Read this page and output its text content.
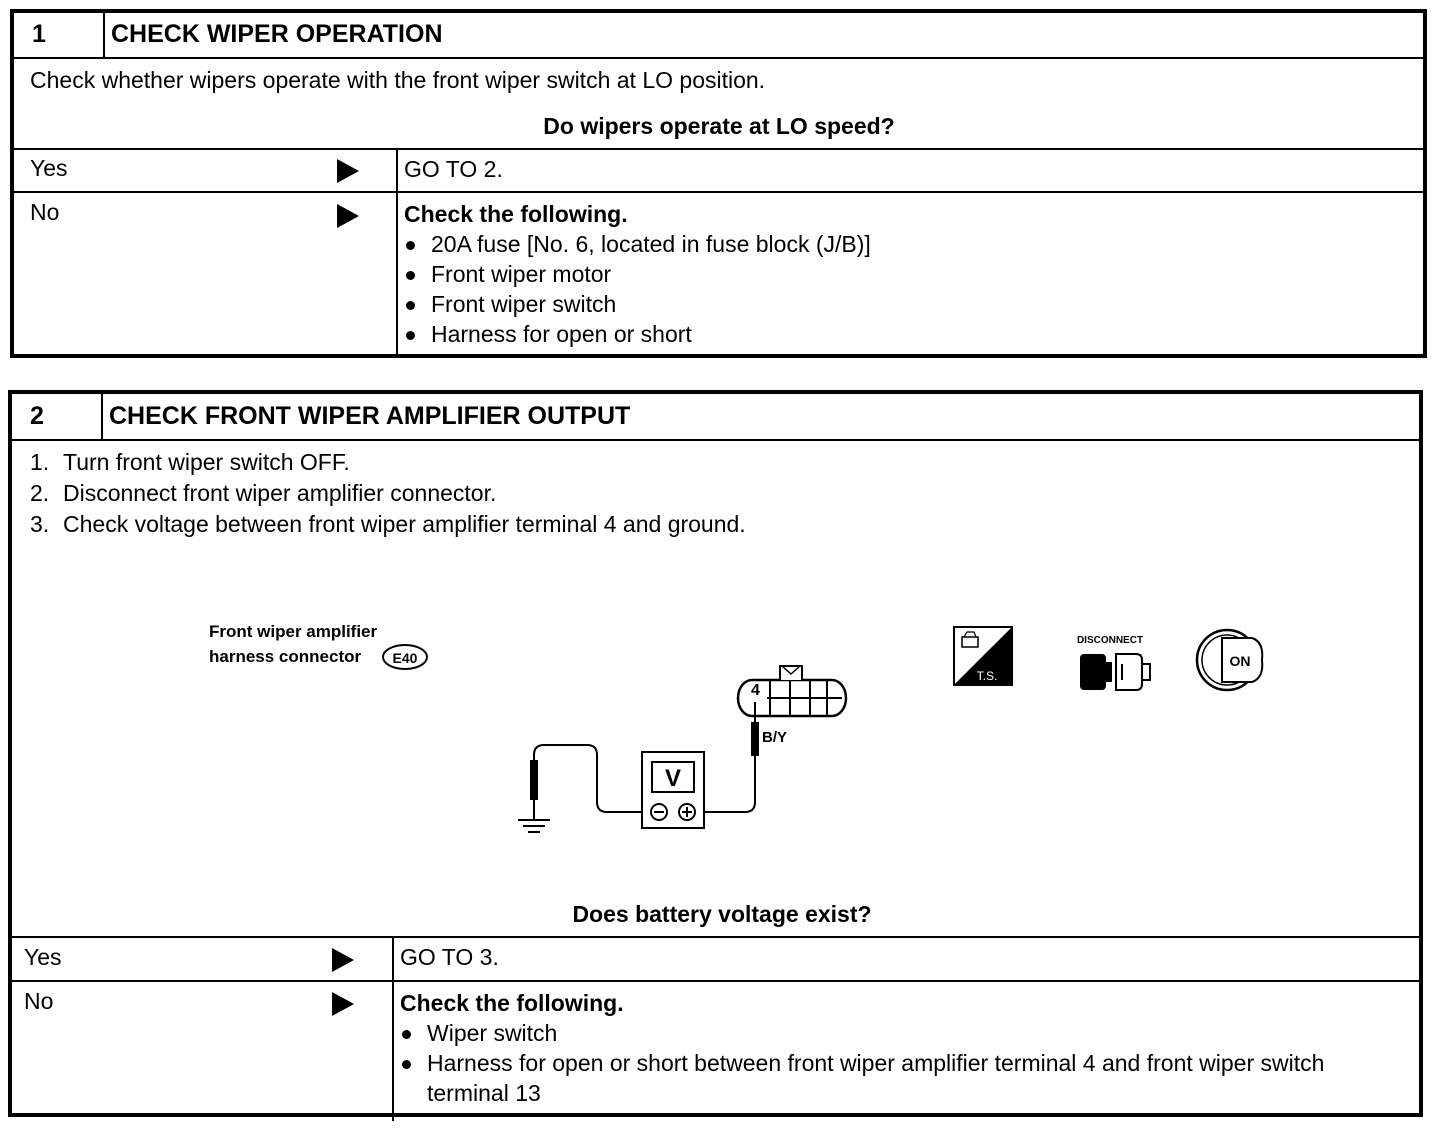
1	CHECK WIPER OPERATION
Check whether wipers operate with the front wiper switch at LO position.
Do wipers operate at LO speed?
Yes	GO TO 2.
No	Check the following.
20A fuse [No. 6, located in fuse block (J/B)]
Front wiper motor
Front wiper switch
Harness for open or short
2	CHECK FRONT WIPER AMPLIFIER OUTPUT
1. Turn front wiper switch OFF.
2. Disconnect front wiper amplifier connector.
3. Check voltage between front wiper amplifier terminal 4 and ground.
Front wiper amplifier
harness connector E40
4
B/Y
V
T.S.
DISCONNECT
ON
Does battery voltage exist?
Yes	GO TO 3.
No	Check the following.
Wiper switch
Harness for open or short between front wiper amplifier terminal 4 and front wiper switch terminal 13
